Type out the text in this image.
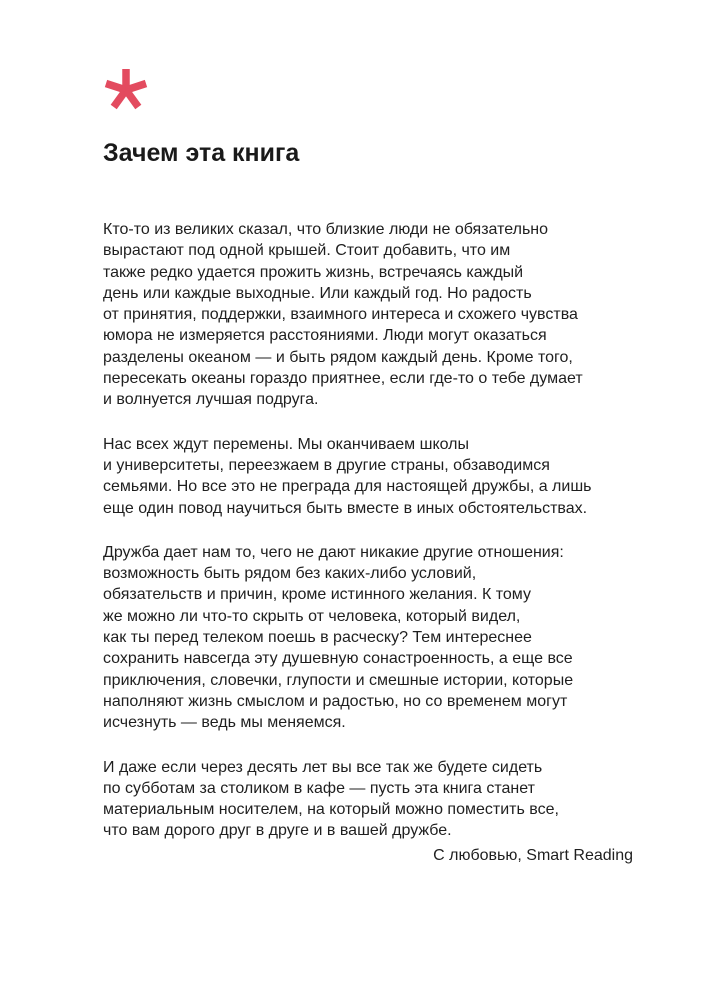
Зачем эта книга

Кто-то из великих сказал, что близкие люди не обязательно
вырастают под одной крышей. Стоит добавить, что им
также редко удается прожить жизнь, встречаясь каждый
день или каждые выходные. Или каждый год. Но радость
от принятия, поддержки, взаимного интереса и схожего чувства
юмора не измеряется расстояниями. Люди могут оказаться
разделены океаном — и быть рядом каждый день. Кроме того,
пересекать океаны гораздо приятнее, если где-то о тебе думает
и волнуется лучшая подруга.

Нас всех ждут перемены. Мы оканчиваем школы
и университеты, переезжаем в другие страны, обзаводимся
семьями. Но все это не преграда для настоящей дружбы, а лишь
еще один повод научиться быть вместе в иных обстоятельствах.

Дружба дает нам то, чего не дают никакие другие отношения:
возможность быть рядом без каких-либо условий,
обязательств и причин, кроме истинного желания. К тому
же можно ли что-то скрыть от человека, который видел,
как ты перед телеком поешь в расческу? Тем интереснее
сохранить навсегда эту душевную сонастроенность, а еще все
приключения, словечки, глупости и смешные истории, которые
наполняют жизнь смыслом и радостью, но со временем могут
исчезнуть — ведь мы меняемся.

И даже если через десять лет вы все так же будете сидеть
по субботам за столиком в кафе — пусть эта книга станет
материальным носителем, на который можно поместить все,
что вам дорого друг в друге и в вашей дружбе.

С любовью, Smart Reading
